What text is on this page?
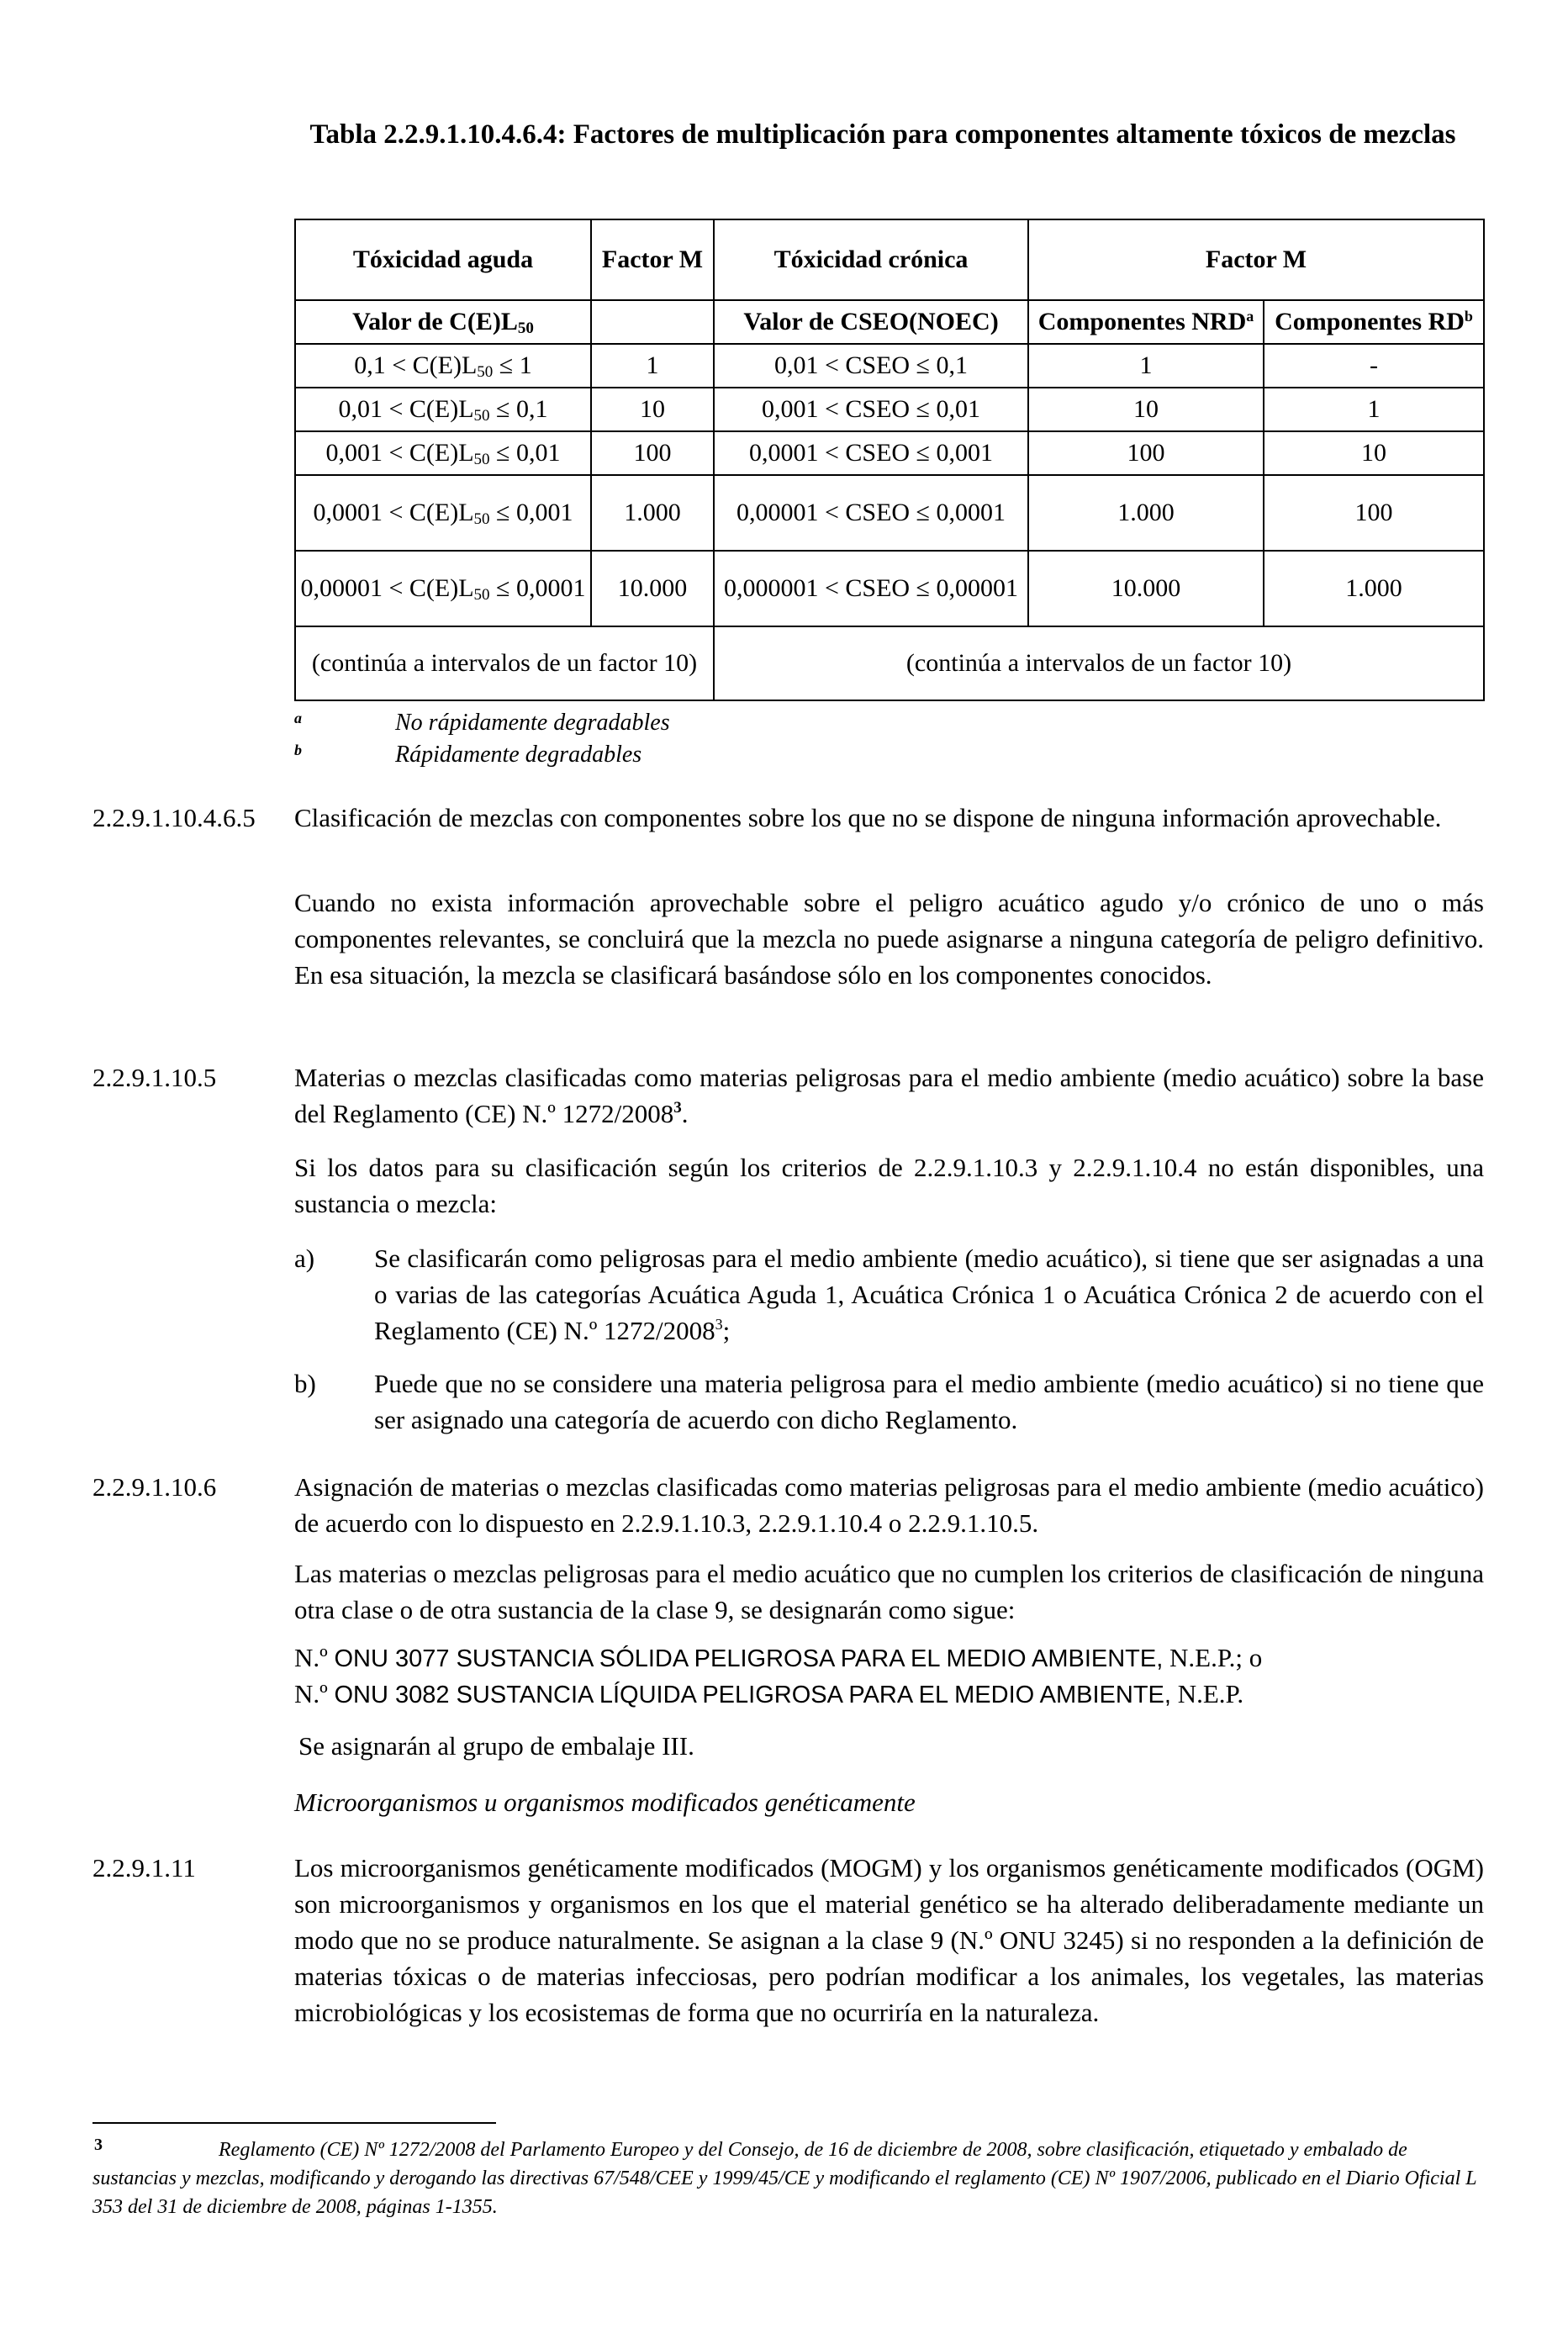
Tabla 2.2.9.1.10.4.6.4: Factores de multiplicación para componentes altamente tóxicos de mezclas
Tóxicidad aguda	Factor M	Tóxicidad crónica	Factor M	
Valor de $C(E)L_{50}$		Valor de CSEO(NOEC)	Componentes NRD$^a$	Componentes $RD^b$
$0,1 < C(E)L_{50} \le 1$	1	0,01 < CSEO ≤ 0,1	1	-
$0,01 < C(E)L_{50} \le 0,1$	10	0,001 < CSEO ≤ 0,01	10	1
$0,001 < C(E)L_{50} \le 0,01$	100	0,0001 < CSEO ≤ 0,001	100	10
$0,0001 < C(E)L_{50} \le 0,001$	1.000	0,00001 < CSEO ≤ 0,0001	1.000	100
$0,00001 < C(E)L_{50} \le 0,0001$	10.000	0,000001 < CSEO ≤ 0,00001	10.000	1.000
(continúa a intervalos de un factor 10)		(continúa a intervalos de un factor 10)		
a	No rápidamente degradables
b	Rápidamente degradables
2.2.9.1.10.4.6.5 Clasificación de mezclas con componentes sobre los que no se dispone de ninguna información aprovechable.
Cuando no exista información aprovechable sobre el peligro acuático agudo y/o crónico de uno o más componentes relevantes, se concluirá que la mezcla no puede asignarse a ninguna categoría de peligro definitivo. En esa situación, la mezcla se clasificará basándose sólo en los componentes conocidos.
2.2.9.1.10.5	Materias o mezclas clasificadas como materias peligrosas para el medio ambiente (medio acuático) sobre la base del Reglamento (CE) N.º 1272/2008$^3$.
Si los datos para su clasificación según los criterios de 2.2.9.1.10.3 y 2.2.9.1.10.4 no están disponibles, una sustancia o mezcla:
a) Se clasificarán como peligrosas para el medio ambiente (medio acuático), si tiene que ser asignadas a una o varias de las categorías Acuática Aguda 1, Acuática Crónica 1 o Acuática Crónica 2 de acuerdo con el Reglamento (CE) N.º 1272/2008$^3$;
b) Puede que no se considere una materia peligrosa para el medio ambiente (medio acuático) si no tiene que ser asignado una categoría de acuerdo con dicho Reglamento.
2.2.9.1.10.6	Asignación de materias o mezclas clasificadas como materias peligrosas para el medio ambiente (medio acuático) de acuerdo con lo dispuesto en 2.2.9.1.10.3, 2.2.9.1.10.4 o 2.2.9.1.10.5.
Las materias o mezclas peligrosas para el medio acuático que no cumplen los criterios de clasificación de ninguna otra clase o de otra sustancia de la clase 9, se designarán como sigue:
N.º ONU 3077 SUSTANCIA SÓLIDA PELIGROSA PARA EL MEDIO AMBIENTE, N.E.P.; o
N.º ONU 3082 SUSTANCIA LÍQUIDA PELIGROSA PARA EL MEDIO AMBIENTE, N.E.P.
Se asignarán al grupo de embalaje III.
Microorganismos u organismos modificados genéticamente
2.2.9.1.11	Los microorganismos genéticamente modificados (MOGM) y los organismos genéticamente modificados (OGM) son microorganismos y organismos en los que el material genético se ha alterado deliberadamente mediante un modo que no se produce naturalmente. Se asignan a la clase 9 (N.º ONU 3245) si no responden a la definición de materias tóxicas o de materias infecciosas, pero podrían modificar a los animales, los vegetales, las materias microbiológicas y los ecosistemas de forma que no ocurriría en la naturaleza.
3	Reglamento (CE) Nº 1272/2008 del Parlamento Europeo y del Consejo, de 16 de diciembre de 2008, sobre clasificación, etiquetado y embalado de sustancias y mezclas, modificando y derogando las directivas 67/548/CEE y 1999/45/CE y modificando el reglamento (CE) Nº 1907/2006, publicado en el Diario Oficial L 353 del 31 de diciembre de 2008, páginas 1-1355.
